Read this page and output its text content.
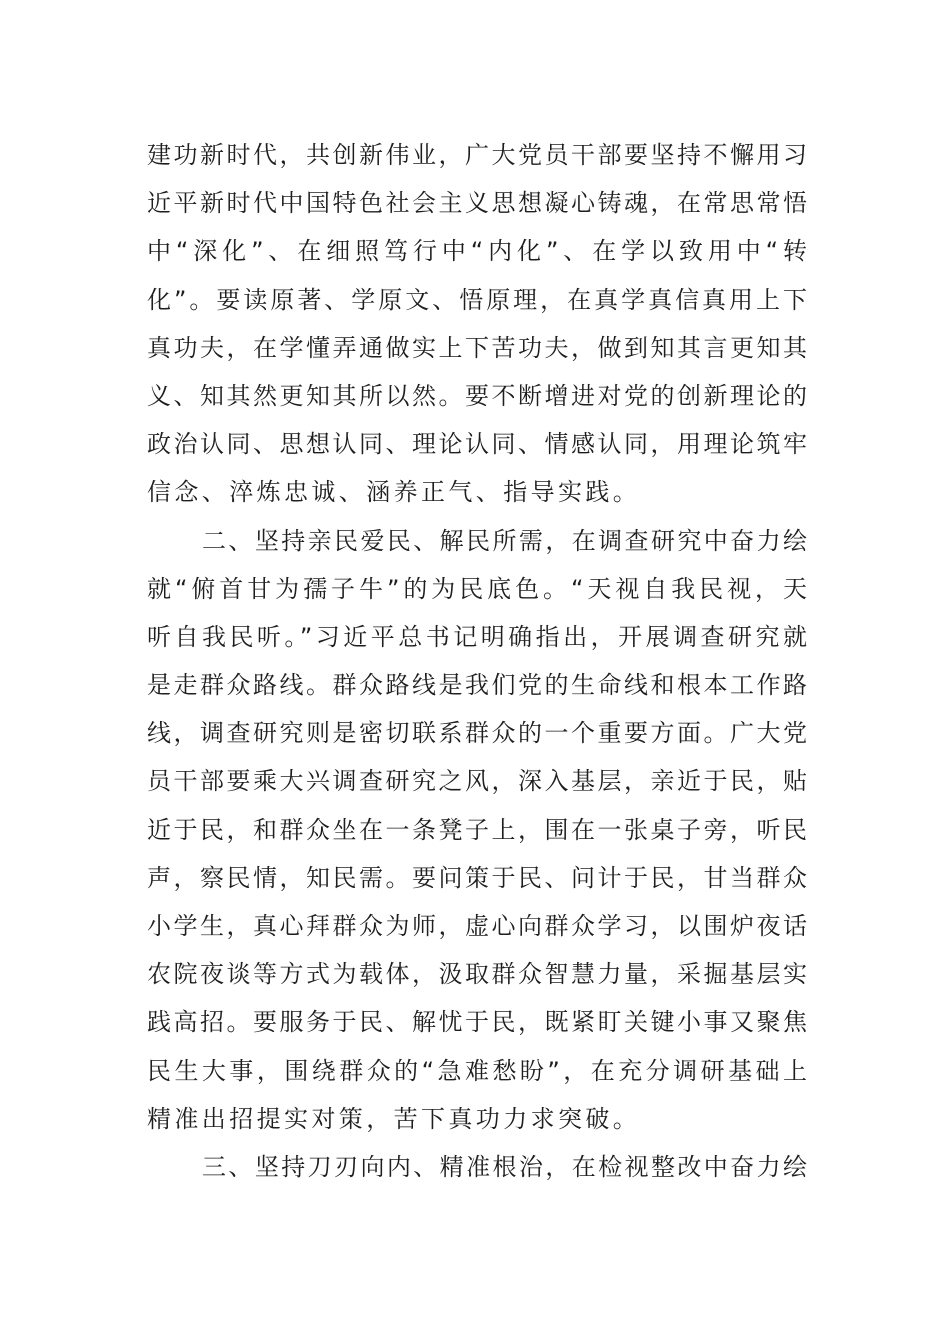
建功新时代，共创新伟业，广大党员干部要坚持不懈用习
近平新时代中国特色社会主义思想凝心铸魂，在常思常悟
中“深化”、在细照笃行中“内化”、在学以致用中“转
化”。要读原著、学原文、悟原理，在真学真信真用上下
真功夫，在学懂弄通做实上下苦功夫，做到知其言更知其
义、知其然更知其所以然。要不断增进对党的创新理论的
政治认同、思想认同、理论认同、情感认同，用理论筑牢
信念、淬炼忠诚、涵养正气、指导实践。
二、坚持亲民爱民、解民所需，在调查研究中奋力绘
就“俯首甘为孺子牛”的为民底色。“天视自我民视，天
听自我民听。”习近平总书记明确指出，开展调查研究就
是走群众路线。群众路线是我们党的生命线和根本工作路
线，调查研究则是密切联系群众的一个重要方面。广大党
员干部要乘大兴调查研究之风，深入基层，亲近于民，贴
近于民，和群众坐在一条凳子上，围在一张桌子旁，听民
声，察民情，知民需。要问策于民、问计于民，甘当群众
小学生，真心拜群众为师，虚心向群众学习，以围炉夜话
农院夜谈等方式为载体，汲取群众智慧力量，采掘基层实
践高招。要服务于民、解忧于民，既紧盯关键小事又聚焦
民生大事，围绕群众的“急难愁盼”，在充分调研基础上
精准出招提实对策，苦下真功力求突破。
三、坚持刀刃向内、精准根治，在检视整改中奋力绘
